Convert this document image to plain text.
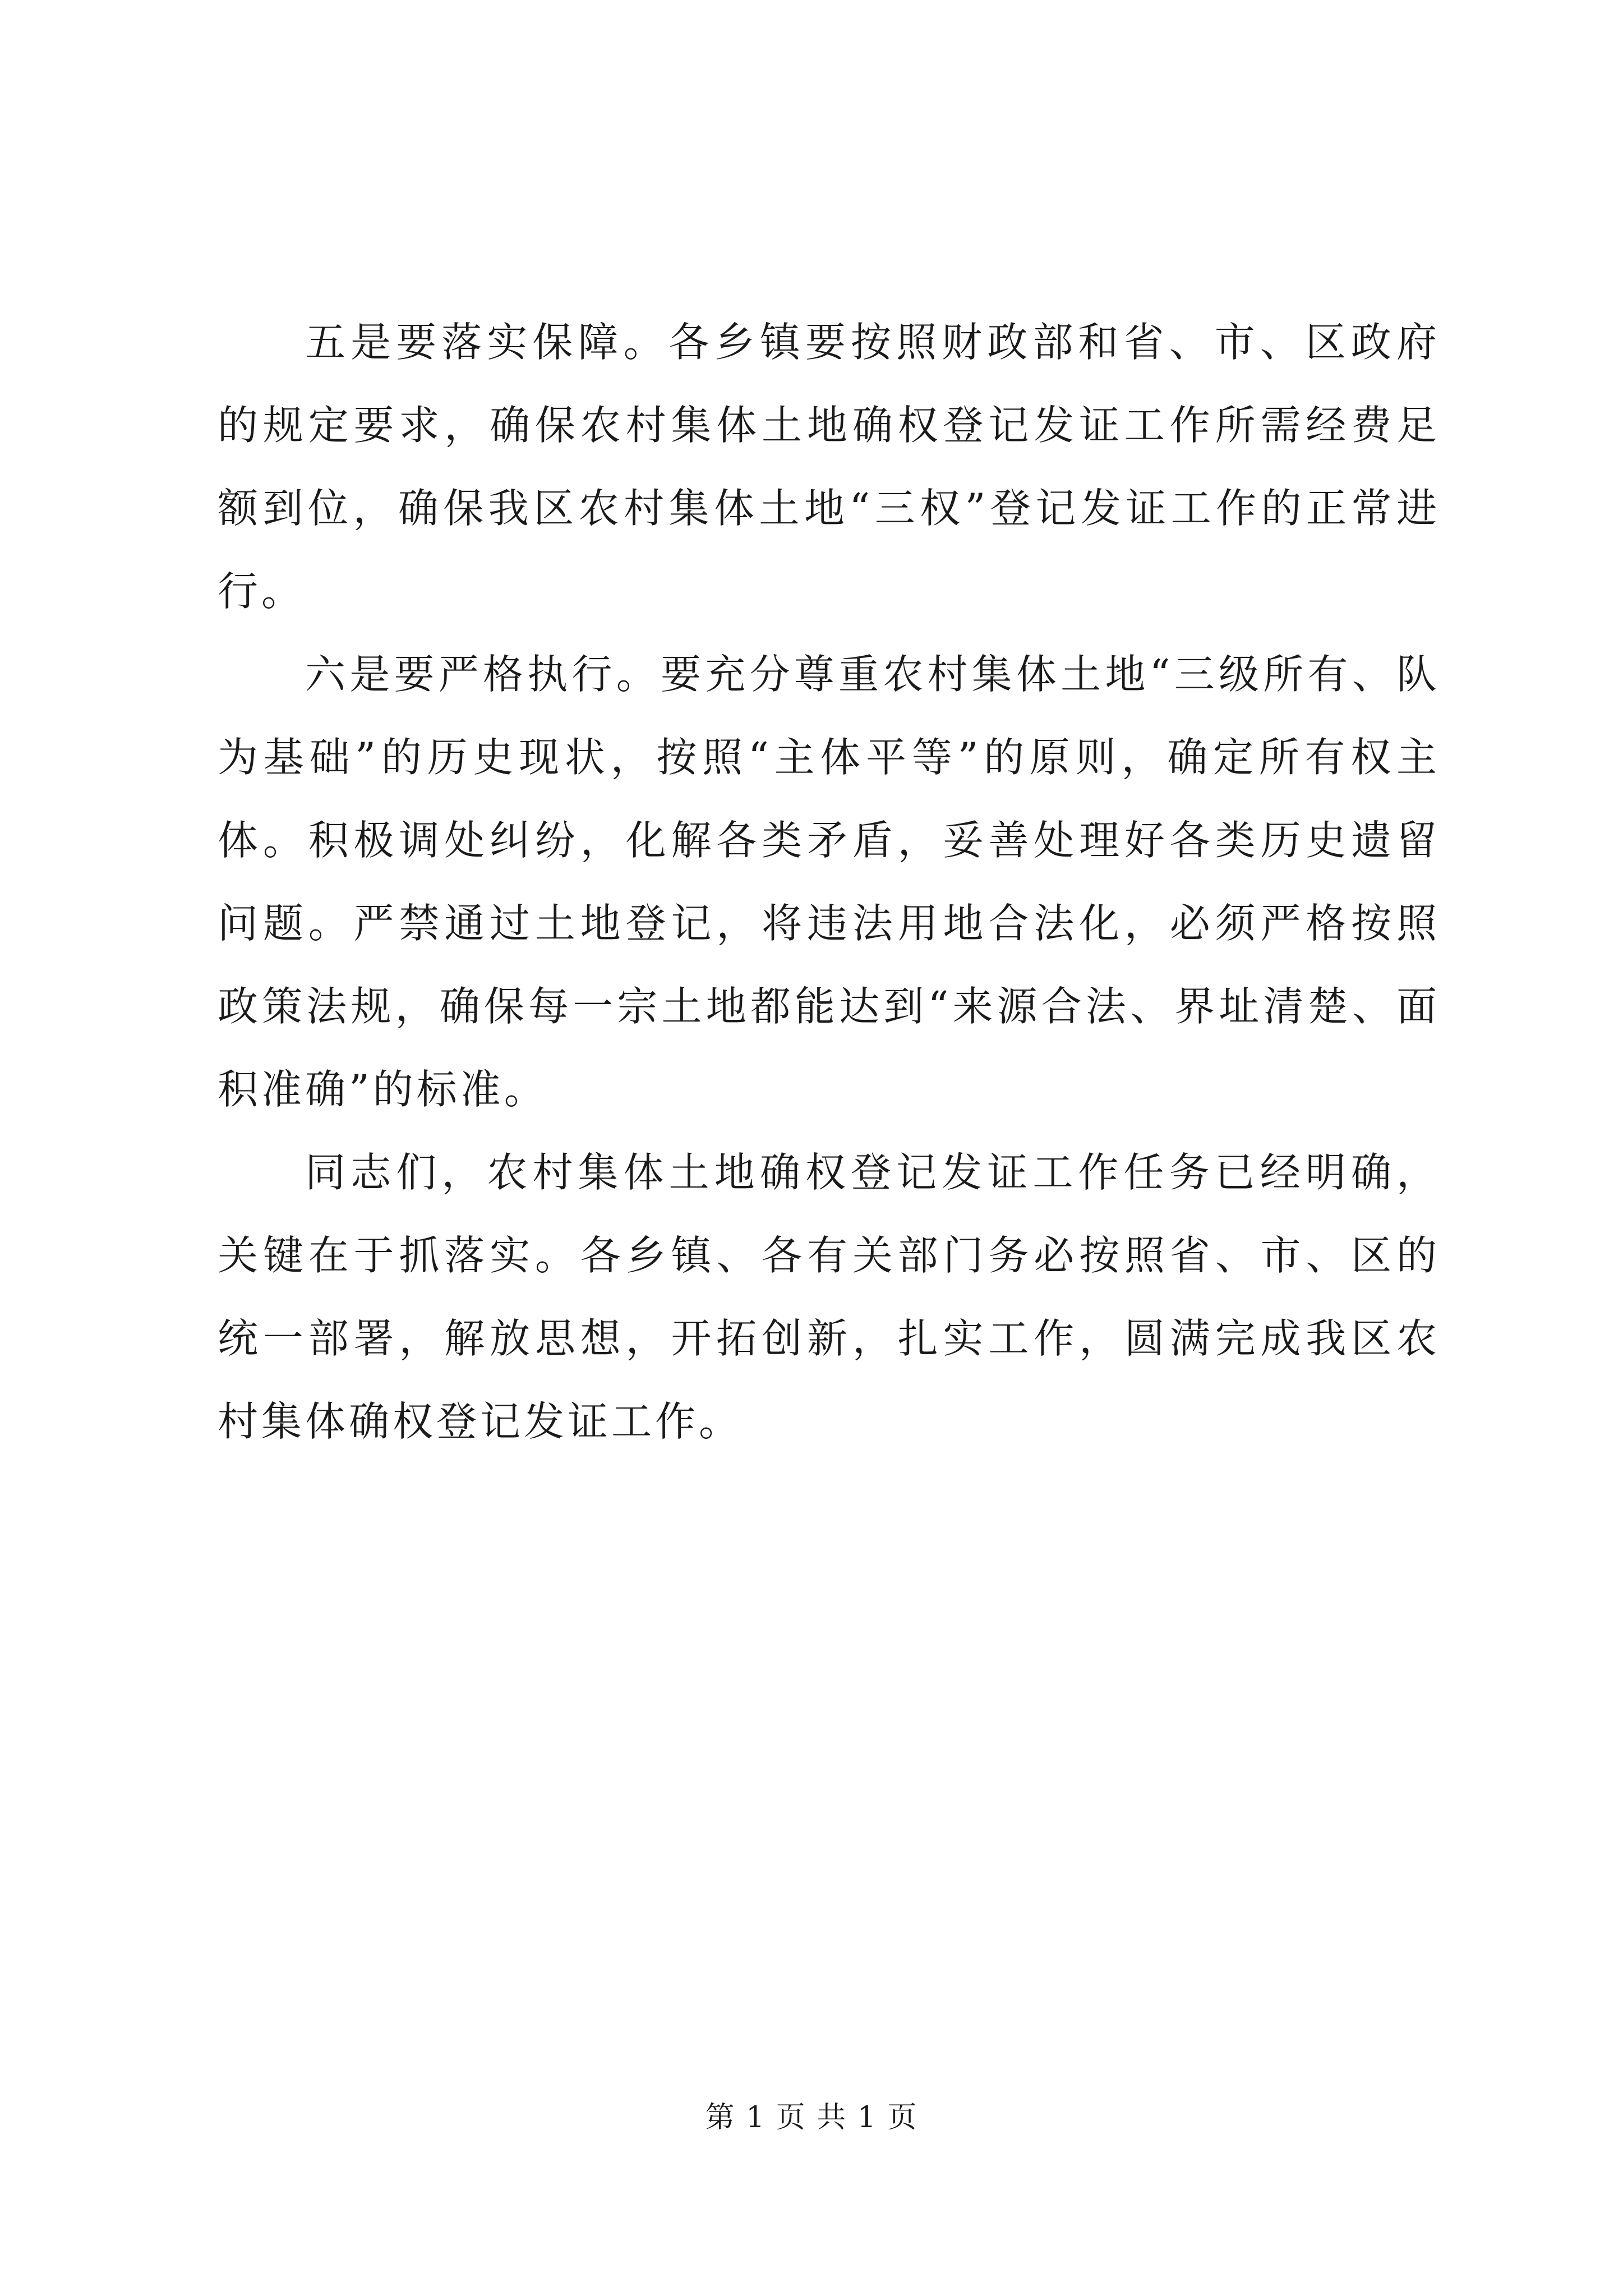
五是要落实保障。各乡镇要按照财政部和省、市、区政府的规定要求，确保农村集体土地确权登记发证工作所需经费足额到位，确保我区农村集体土地“三权”登记发证工作的正常进行。

六是要严格执行。要充分尊重农村集体土地“三级所有、队为基础”的历史现状，按照“主体平等”的原则，确定所有权主体。积极调处纠纷，化解各类矛盾，妥善处理好各类历史遗留问题。严禁通过土地登记，将违法用地合法化，必须严格按照政策法规，确保每一宗土地都能达到“来源合法、界址清楚、面积准确”的标准。

同志们，农村集体土地确权登记发证工作任务已经明确，关键在于抓落实。各乡镇、各有关部门务必按照省、市、区的统一部署，解放思想，开拓创新，扎实工作，圆满完成我区农村集体确权登记发证工作。

第 1 页 共 1 页
